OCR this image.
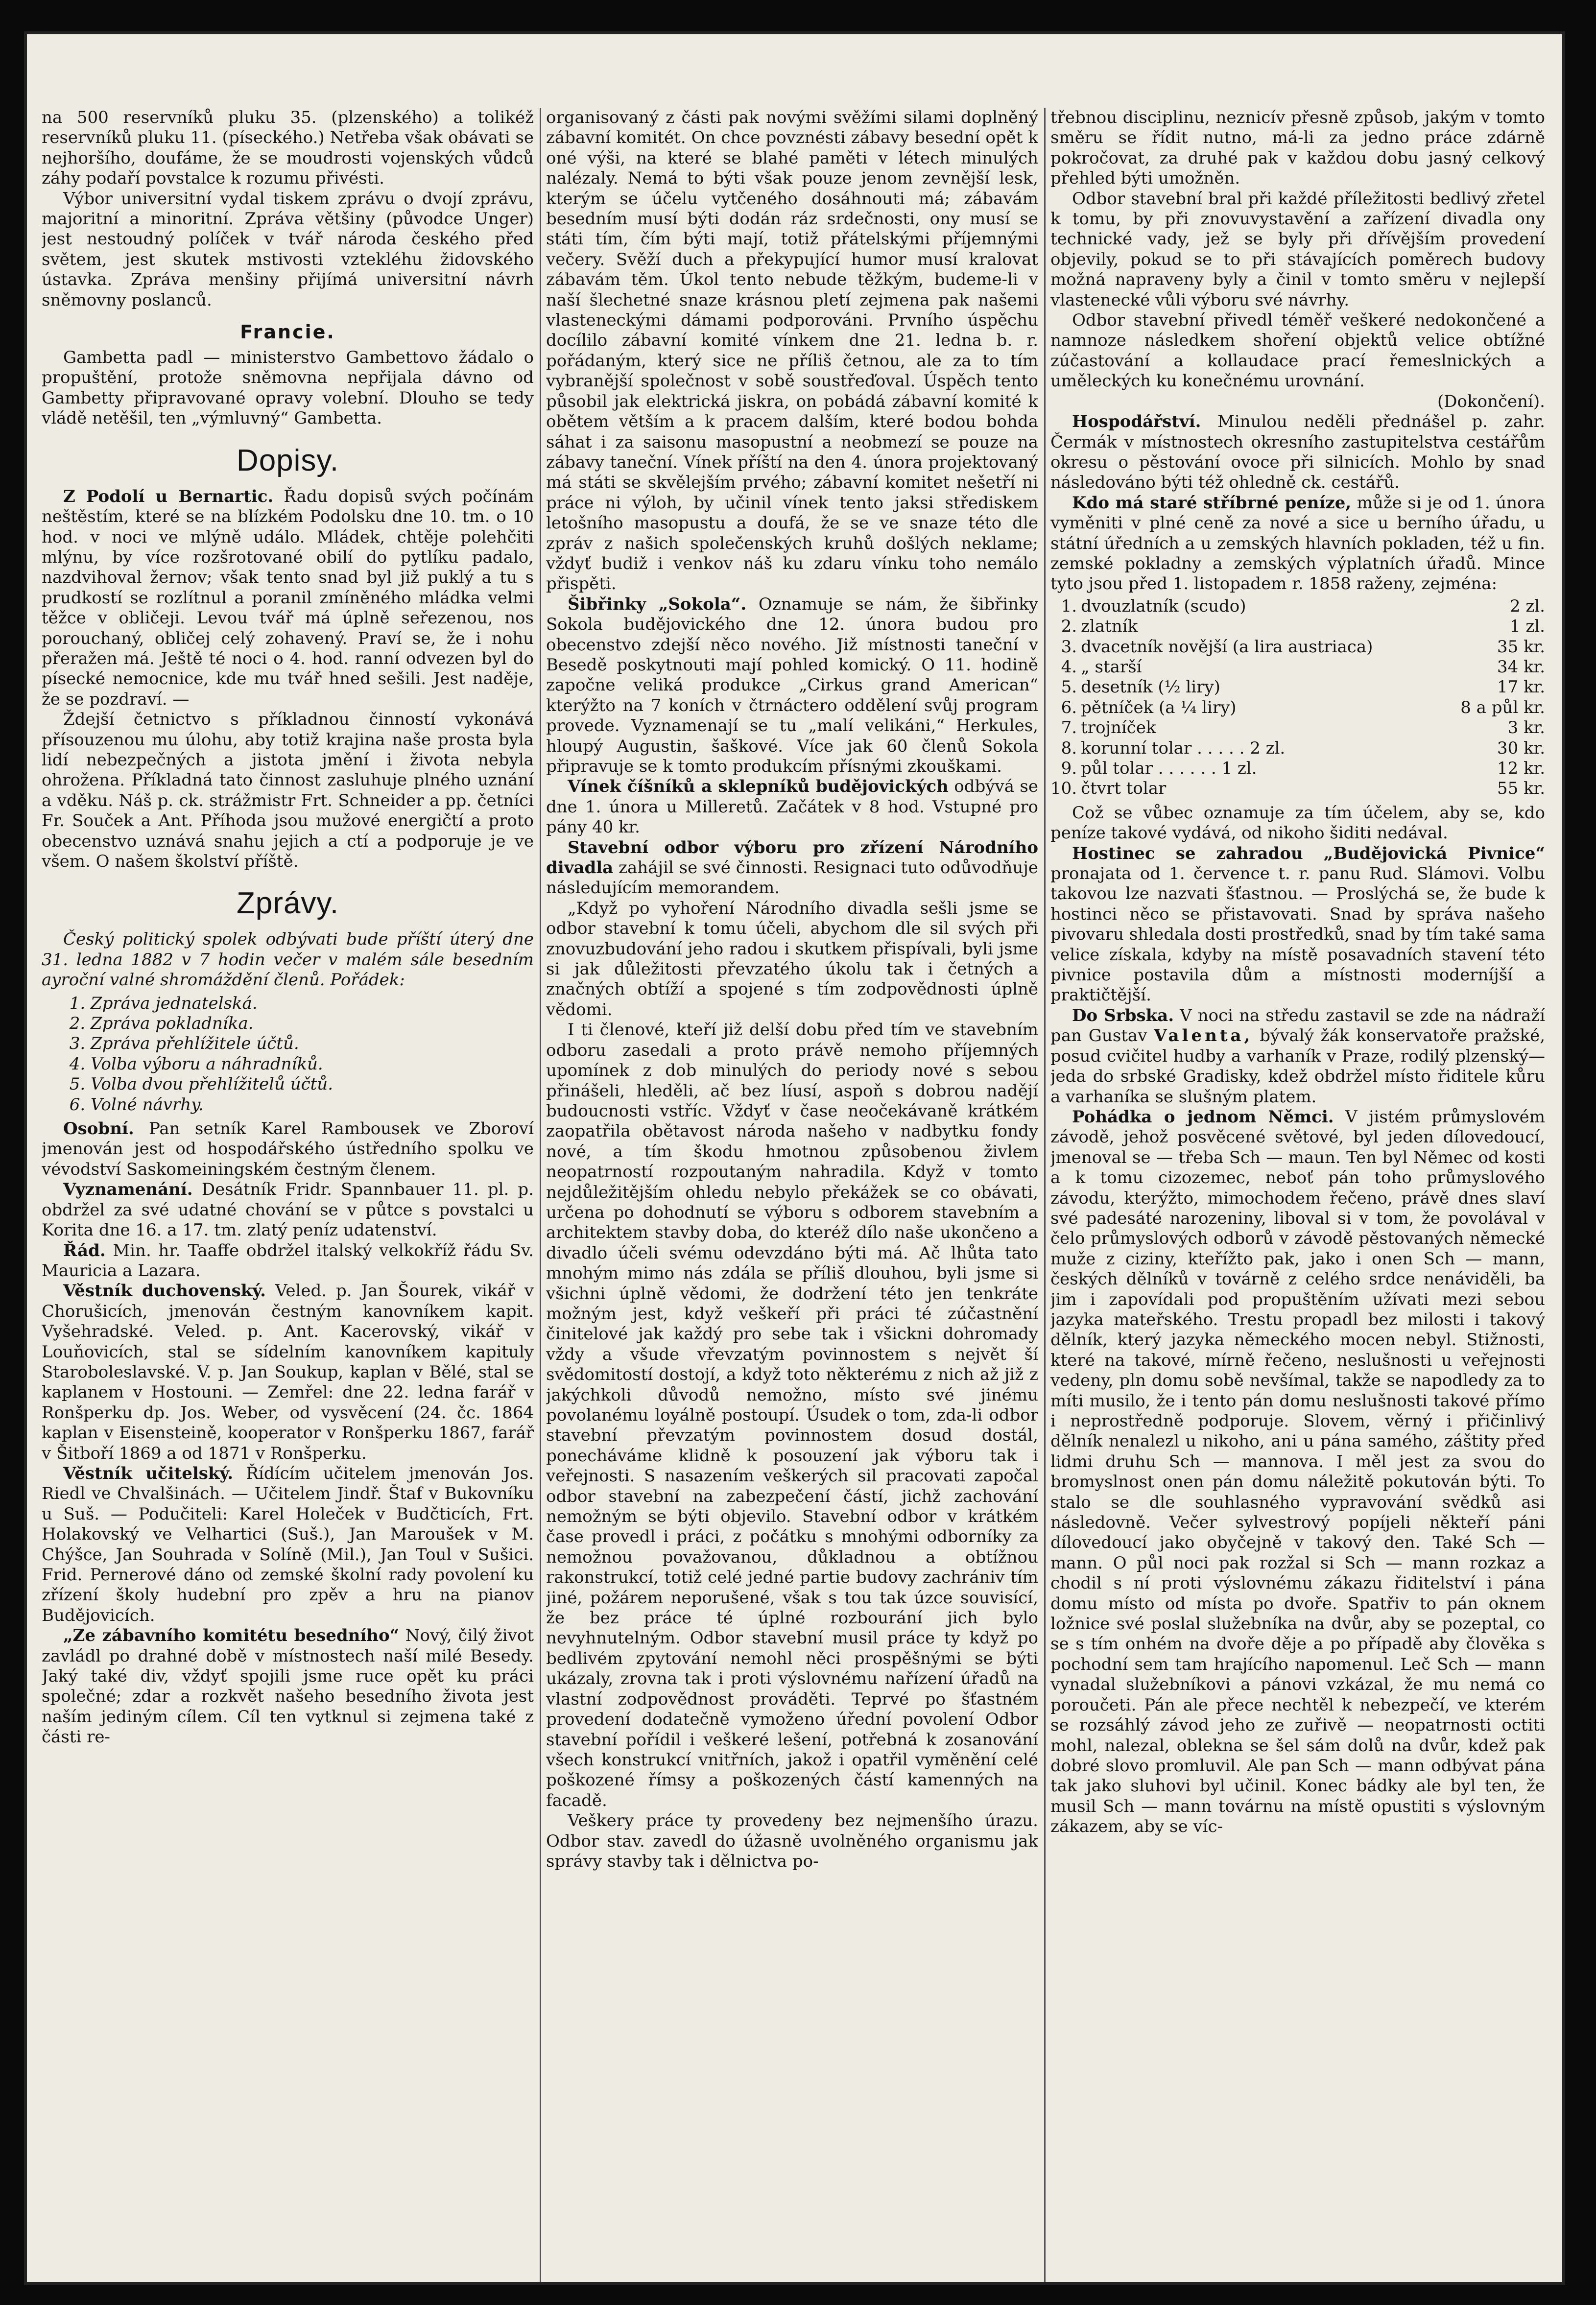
na 500 reservníků pluku 35. (plzenského) a tolikéž reservníků pluku 11. (píseckého.) Netřeba však obávati se nejhoršího, doufáme, že se moudrosti vojenských vůdců záhy podaří povstalce k rozumu přivésti.

Výbor universitní vydal tiskem zprávu o dvojí zprávu, majoritní a minoritní. Zpráva většiny (původce Unger) jest nestoudný políček v tvář národa českého před světem, jest skutek mstivosti vztekléhu židovského ústavka. Zpráva menšiny přijímá universitní návrh sněmovny poslanců.

Francie.

Gambetta padl — ministerstvo Gambettovo žádalo o propuštění, protože sněmovna nepřijala dávno od Gambetty připravované opravy volební. Dlouho se tedy vládě netěšil, ten „výmluvný“ Gambetta.

Dopisy.

Z Podolí u Bernartic. Řadu dopisů svých počínám neštěstím, které se na blízkém Podolsku dne 10. tm. o 10 hod. v noci ve mlýně událo. Mládek, chtěje polehčiti mlýnu, by více rozšrotované obilí do pytlíku padalo, nazdvihoval žernov; však tento snad byl již puklý a tu s prudkostí se rozlítnul a poranil zmíněného mládka velmi těžce v obličeji. Levou tvář má úplně seřezenou, nos porouchaný, obličej celý zohavený. Praví se, že i nohu přeražen má. Ještě té noci o 4. hod. ranní odvezen byl do písecké nemocnice, kde mu tvář hned sešili. Jest naděje, že se pozdraví. —

Ždejší četnictvo s příkladnou činností vykonává přísouzenou mu úlohu, aby totiž krajina naše prosta byla lidí nebezpečných a jistota jmění i života nebyla ohrožena. Příkladná tato činnost zasluhuje plného uznání a vděku. Náš p. ck. strážmistr Frt. Schneider a pp. četníci Fr. Souček a Ant. Příhoda jsou mužové energičtí a proto obecenstvo uznává snahu jejich a ctí a podporuje je ve všem. O našem školství příště.

Zprávy.

Český politický spolek odbývati bude příští úterý dne 31. ledna 1882 v 7 hodin večer v malém sále besedním ayroční valné shromáždění členů. Pořádek:

1. Zpráva jednatelská.
2. Zpráva pokladníka.
3. Zpráva přehlížitele účtů.
4. Volba výboru a náhradníků.
5. Volba dvou přehlížitelů účtů.
6. Volné návrhy.

Osobní. Pan setník Karel Rambousek ve Zboroví jmenován jest od hospodářského ústředního spolku ve vévodství Saskomeiningském čestným členem.

Vyznamenání. Desátník Fridr. Spannbauer 11. pl. p. obdržel za své udatné chování se v půtce s povstalci u Korita dne 16. a 17. tm. zlatý peníz udatenství.

Řád. Min. hr. Taaffe obdržel italský velkokříž řádu Sv. Mauricia a Lazara.

Věstník duchovenský. Veled. p. Jan Šourek, vikář v Chorušicích, jmenován čestným kanovníkem kapit. Vyšehradské. Veled. p. Ant. Kacerovský, vikář v Louňovicích, stal se sídelním kanovníkem kapituly Staroboleslavské. V. p. Jan Soukup, kaplan v Bělé, stal se kaplanem v Hostouni. — Zemřel: dne 22. ledna farář v Ronšperku dp. Jos. Weber, od vysvěcení (24. čc. 1864 kaplan v Eisensteině, kooperator v Ronšperku 1867, farář v Šitboří 1869 a od 1871 v Ronšperku.

Věstník učitelský. Řídícím učitelem jmenován Jos. Riedl ve Chvalšinách. — Učitelem Jindř. Štaf v Bukovníku u Suš. — Podučiteli: Karel Holeček v Budčticích, Frt. Holakovský ve Velhartici (Suš.), Jan Maroušek v M. Chýšce, Jan Souhrada v Solíně (Mil.), Jan Toul v Sušici. Frid. Pernerové dáno od zemské školní rady povolení ku zřízení školy hudební pro zpěv a hru na pianov Budějovicích.

„Ze zábavního komitétu besedního“ Nový, čilý život zavládl po drahné době v místnostech naší milé Besedy. Jaký také div, vždyť spojili jsme ruce opět ku práci společné; zdar a rozkvět našeho besedního života jest naším jediným cílem. Cíl ten vytknul si zejmena také z části re-

organisovaný z části pak novými svěžími silami doplněný zábavní komitét. On chce povznésti zábavy besední opět k oné výši, na které se blahé paměti v létech minulých nalézaly. Nemá to býti však pouze jenom zevnější lesk, kterým se účelu vytčeného dosáhnouti má; zábavám besedním musí býti dodán ráz srdečnosti, ony musí se státi tím, čím býti mají, totiž přátelskými příjemnými večery. Svěží duch a překypující humor musí kralovat zábavám těm. Úkol tento nebude těžkým, budeme-li v naší šlechetné snaze krásnou pletí zejmena pak našemi vlasteneckými dámami podporováni. Prvního úspěchu docílilo zábavní komité vínkem dne 21. ledna b. r. pořádaným, který sice ne příliš četnou, ale za to tím vybranější společnost v sobě soustřeďoval. Úspěch tento působil jak elektrická jiskra, on pobádá zábavní komité k obětem větším a k pracem dalším, které bodou bohda sáhat i za saisonu masopustní a neobmezí se pouze na zábavy taneční. Vínek příští na den 4. února projektovaný má státi se skvělejším prvého; zábavní komitet nešetří ni práce ni výloh, by učinil vínek tento jaksi střediskem letošního masopustu a doufá, že se ve snaze této dle zpráv z našich společenských kruhů došlých neklame; vždyť budiž i venkov náš ku zdaru vínku toho nemálo přispěti.

Šibřinky „Sokola“. Oznamuje se nám, že šibřinky Sokola budějovického dne 12. února budou pro obecenstvo zdejší něco nového. Již místnosti taneční v Besedě poskytnouti mají pohled komický. O 11. hodině započne veliká produkce „Cirkus grand American“ kterýžto na 7 koních v čtrnáctero oddělení svůj program provede. Vyznamenají se tu „malí velikáni,“ Herkules, hloupý Augustin, šaškové. Více jak 60 členů Sokola připravuje se k tomto produkcím přísnými zkouškami.

Vínek číšníků a sklepníků budějovických odbývá se dne 1. února u Milleretů. Začátek v 8 hod. Vstupné pro pány 40 kr.

Stavební odbor výboru pro zřízení Národního divadla zahájil se své činnosti. Resignaci tuto odůvodňuje následujícím memorandem.

„Když po vyhoření Národního divadla sešli jsme se odbor stavební k tomu účeli, abychom dle sil svých při znovuzbudování jeho radou i skutkem přispívali, byli jsme si jak důležitosti převzatého úkolu tak i četných a značných obtíží a spojené s tím zodpovědnosti úplně vědomi.

I ti členové, kteří již delší dobu před tím ve stavebním odboru zasedali a proto právě nemoho příjemných upomínek z dob minulých do periody nové s sebou přinášeli, hleděli, ač bez líusí, aspoň s dobrou nadějí budoucnosti vstříc. Vždyť v čase neočekávaně krátkém zaopatřila obětavost národa našeho v nadbytku fondy nové, a tím škodu hmotnou způsobenou živlem neopatrností rozpoutaným nahradila. Když v tomto nejdůležitějším ohledu nebylo překážek se co obávati, určena po dohodnutí se výboru s odborem stavebním a architektem stavby doba, do kteréž dílo naše ukončeno a divadlo účeli svému odevzdáno býti má. Ač lhůta tato mnohým mimo nás zdála se příliš dlouhou, byli jsme si všichni úplně vědomi, že dodržení této jen tenkráte možným jest, když veškeří při práci té zúčastnění činitelové jak každý pro sebe tak i všickni dohromady vždy a všude vřevzatým povinnostem s největ ší svědomitostí dostojí, a když toto některému z nich až již z jakýchkoli důvodů nemožno, místo své jinému povolanému loyálně postoupí. Úsudek o tom, zda-li odbor stavební převzatým povinnostem dosud dostál, ponecháváme klidně k posouzení jak výboru tak i veřejnosti. S nasazením veškerých sil pracovati započal odbor stavební na zabezpečení částí, jichž zachování nemožným se býti objevilo. Stavební odbor v krátkém čase provedl i práci, z počátku s mnohými odborníky za nemožnou považovanou, důkladnou a obtížnou rakonstrukcí, totiž celé jedné partie budovy zachrániv tím jiné, požárem neporušené, však s tou tak úzce souvisící, že bez práce té úplné rozbourání jich bylo nevyhnutelným. Odbor stavební musil práce ty když po bedlivém zpytování nemohl něci prospěšnými se býti ukázaly, zrovna tak i proti výslovnému nařízení úřadů na vlastní zodpovědnost prováděti. Teprvé po šťastném provedení dodatečně vymoženo úřední povolení Odbor stavební pořídil i veškeré lešení, potřebná k zosanování všech konstrukcí vnitřních, jakož i opatřil vyměnění celé poškozené římsy a poškozených částí kamenných na facadě.

Veškery práce ty provedeny bez nejmenšího úrazu. Odbor stav. zavedl do úžasně uvolněného organismu jak správy stavby tak i dělnictva po-

třebnou disciplinu, neznicív přesně způsob, jakým v tomto směru se řídit nutno, má-li za jedno práce zdárně pokročovat, za druhé pak v každou dobu jasný celkový přehled býti umožněn.

Odbor stavební bral při každé příležitosti bedlivý zřetel k tomu, by při znovuvystavění a zařízení divadla ony technické vady, jež se byly při dřívějším provedení objevily, pokud se to při stávajících poměrech budovy možná napraveny byly a činil v tomto směru v nejlepší vlastenecké vůli výboru své návrhy.

Odbor stavební přivedl téměř veškeré nedokončené a namnoze následkem shoření objektů velice obtížné zúčastování a kollaudace prací řemeslnických a uměleckých ku konečnému urovnání.

(Dokončení).

Hospodářství. Minulou neděli přednášel p. zahr. Čermák v místnostech okresního zastupitelstva cestářům okresu o pěstování ovoce při silnicích. Mohlo by snad následováno býti též ohledně ck. cestářů.

Kdo má staré stříbrné peníze, může si je od 1. února vyměniti v plné ceně za nové a sice u berního úřadu, u státní úředních a u zemských hlavních pokladen, též u fin. zemské pokladny a zemských výplatních úřadů. Mince tyto jsou před 1. listopadem r. 1858 raženy, zejména:

1.	dvouzlatník (scudo)	2 zl.
2.	zlatník	1 zl.
3.	dvacetník novější (a lira austriaca)	35 kr.
4.	„ starší	34 kr.
5.	desetník (½ liry)	17 kr.
6.	pětníček (a ¼ liry)	8 a půl kr.
7.	trojníček	3 kr.
8.	korunní tolar . . . . . 2 zl.	30 kr.
9.	půl tolar . . . . . . 1 zl.	12 kr.
10.	čtvrt tolar	55 kr.

Což se vůbec oznamuje za tím účelem, aby se, kdo peníze takové vydává, od nikoho šiditi nedával.

Hostinec se zahradou „Budějovická Pivnice“ pronajata od 1. července t. r. panu Rud. Slámovi. Volbu takovou lze nazvati šťastnou. — Proslýchá se, že bude k hostinci něco se přistavovati. Snad by správa našeho pivovaru shledala dosti prostředků, snad by tím také sama velice získala, kdyby na místě posavadních stavení této pivnice postavila dům a místnosti moderníjší a praktičtější.

Do Srbska. V noci na středu zastavil se zde na nádraží pan Gustav Valenta, bývalý žák konservatoře pražské, posud cvičitel hudby a varhaník v Praze, rodilý plzenský— jeda do srbské Gradisky, kdež obdržel místo řiditele kůru a varhaníka se slušným platem.

Pohádka o jednom Němci. V jistém průmyslovém závodě, jehož posvěcené světové, byl jeden dílovedoucí, jmenoval se — třeba Sch — maun. Ten byl Němec od kosti a k tomu cizozemec, neboť pán toho průmyslového závodu, kterýžto, mimochodem řečeno, právě dnes slaví své padesáté narozeniny, liboval si v tom, že povolával v čelo průmyslových odborů v závodě pěstovaných německé muže z ciziny, kteřížto pak, jako i onen Sch — mann, českých dělníků v továrně z celého srdce nenáviděli, ba jim i zapovídali pod propuštěním užívati mezi sebou jazyka mateřského. Trestu propadl bez milosti i takový dělník, který jazyka německého mocen nebyl. Stižnosti, které na takové, mírně řečeno, neslušnosti u veřejnosti vedeny, pln domu sobě nevšímal, takže se napodledy za to míti musilo, že i tento pán domu neslušnosti takové přímo i neprostředně podporuje. Slovem, věrný i přičinlivý dělník nenalezl u nikoho, ani u pána samého, záštity před lidmi druhu Sch — mannova. I měl jest za svou do bromyslnost onen pán domu náležitě pokutován býti. To stalo se dle souhlasného vypravování svědků asi následovně. Večer sylvestrový popíjeli někteří páni dílovedoucí jako obyčejně v takový den. Také Sch — mann. O půl noci pak rozžal si Sch — mann rozkaz a chodil s ní proti výslovnému zákazu řiditelství i pána domu místo od místa po dvoře. Spatřiv to pán oknem ložnice své poslal služebníka na dvůr, aby se pozeptal, co se s tím onhém na dvoře děje a po případě aby člověka s pochodní sem tam hrajícího napomenul. Leč Sch — mann vynadal služebníkovi a pánovi vzkázal, že mu nemá co poroučeti. Pán ale přece nechtěl k nebezpečí, ve kterém se rozsáhlý závod jeho ze zuřivě — neopatrnosti octiti mohl, nalezal, oblekna se šel sám dolů na dvůr, kdež pak dobré slovo promluvil. Ale pan Sch — mann odbývat pána tak jako sluhovi byl učinil. Konec bádky ale byl ten, že musil Sch — mann továrnu na místě opustiti s výslovným zákazem, aby se víc-
